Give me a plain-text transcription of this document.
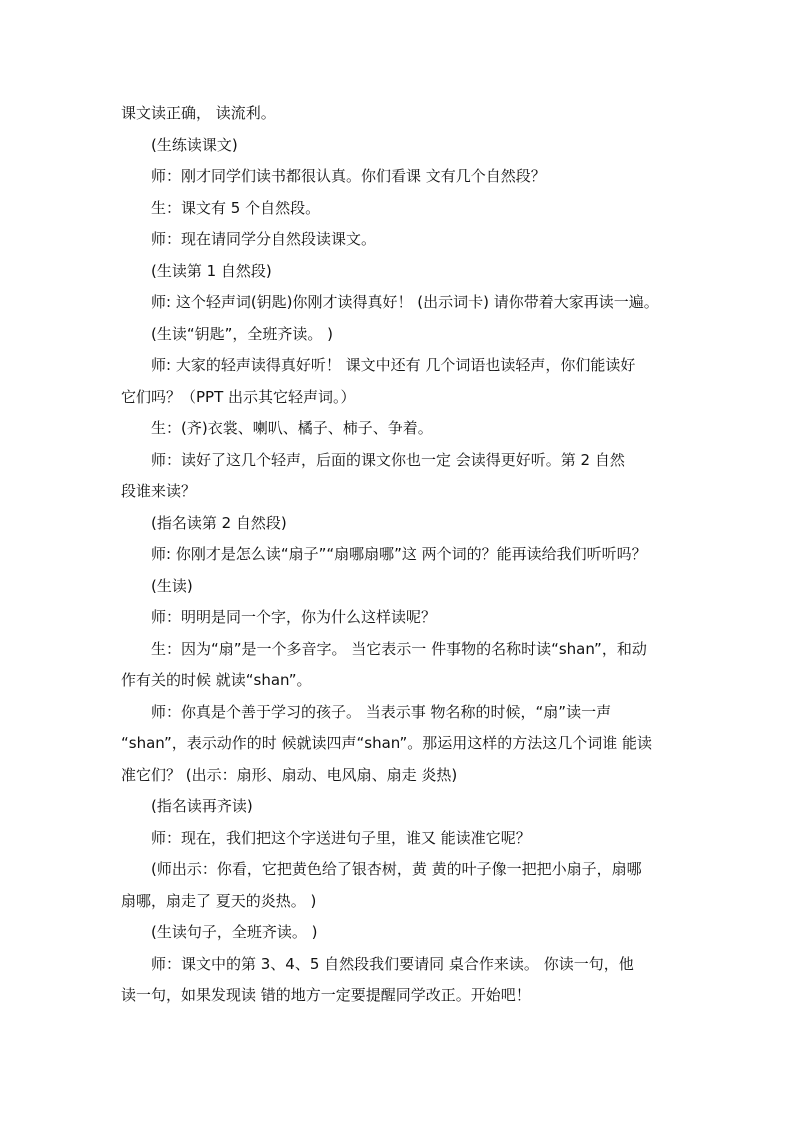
课文读正确， 读流利。
(生练读课文)
师：刚才同学们读书都很认真。你们看课 文有几个自然段？
生：课文有 5 个自然段。
师：现在请同学分自然段读课文。
(生读第 1 自然段)
师: 这个轻声词(钥匙)你刚才读得真好！ (出示词卡) 请你带着大家再读一遍。
(生读“钥匙”，全班齐读。 )
师: 大家的轻声读得真好听！ 课文中还有 几个词语也读轻声，你们能读好
它们吗？（PPT 出示其它轻声词。）
生：(齐)衣裳、喇叭、橘子、柿子、争着。
师：读好了这几个轻声，后面的课文你也一定 会读得更好听。第 2 自然
段谁来读？
(指名读第 2 自然段)
师: 你刚才是怎么读“扇子”“扇哪扇哪”这 两个词的？能再读给我们听听吗？
(生读)
师：明明是同一个字，你为什么这样读呢？
生：因为“扇”是一个多音字。 当它表示一 件事物的名称时读“shan”，和动
作有关的时候 就读“shan”。
师：你真是个善于学习的孩子。 当表示事 物名称的时候，“扇”读一声
“shan”，表示动作的时 候就读四声“shan”。那运用这样的方法这几个词谁 能读
准它们？ (出示：扇形、扇动、电风扇、扇走 炎热)
(指名读再齐读)
师：现在，我们把这个字送进句子里，谁又 能读准它呢？
(师出示：你看，它把黄色给了银杏树，黄 黄的叶子像一把把小扇子，扇哪
扇哪，扇走了 夏天的炎热。 )
(生读句子，全班齐读。 )
师：课文中的第 3、4、5 自然段我们要请同 桌合作来读。 你读一句，他
读一句，如果发现读 错的地方一定要提醒同学改正。开始吧！
